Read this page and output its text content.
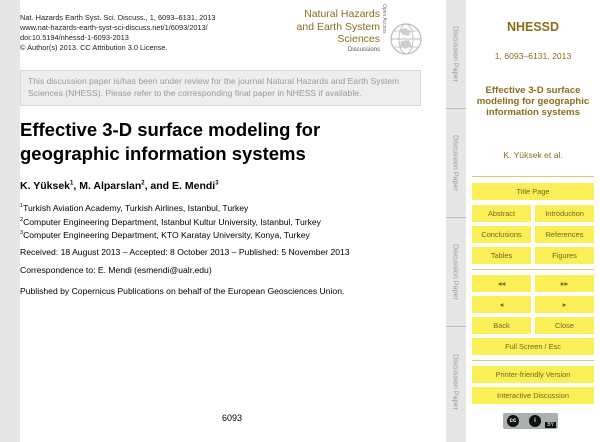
Nat. Hazards Earth Syst. Sci. Discuss., 1, 6093–6131, 2013
www.nat-hazards-earth-syst-sci-discuss.net/1/6093/2013/
doi:10.5194/nhessd-1-6093-2013
© Author(s) 2013. CC Attribution 3.0 License.
Natural Hazards
and Earth System
Sciences
Discussions
Open Access
This discussion paper is/has been under review for the journal Natural Hazards and Earth System Sciences (NHESS). Please refer to the corresponding final paper in NHESS if available.
Effective 3-D surface modeling for geographic information systems
K. Yüksek$^1$, M. Alparslan$^2$, and E. Mendi$^3$
$^1$Turkish Aviation Academy, Turkish Airlines, Istanbul, Turkey
$^2$Computer Engineering Department, Istanbul Kultur University, Istanbul, Turkey
$^3$Computer Engineering Department, KTO Karatay University, Konya, Turkey
Received: 18 August 2013 – Accepted: 8 October 2013 – Published: 5 November 2013
Correspondence to: E. Mendi (esmendi@ualr.edu)
Published by Copernicus Publications on behalf of the European Geosciences Union.
6093
Discussion Paper
Discussion Paper
Discussion Paper
Discussion Paper
NHESSD
1, 6093–6131, 2013
Effective 3-D surface modeling for geographic information systems
K. Yüksek et al.
Title Page
Abstract	Introduction
Conclusions	References
Tables	Figures
◂◂	▸▸
◂	▸
Back	Close
Full Screen / Esc
Printer-friendly Version
Interactive Discussion
cc	i
BY
